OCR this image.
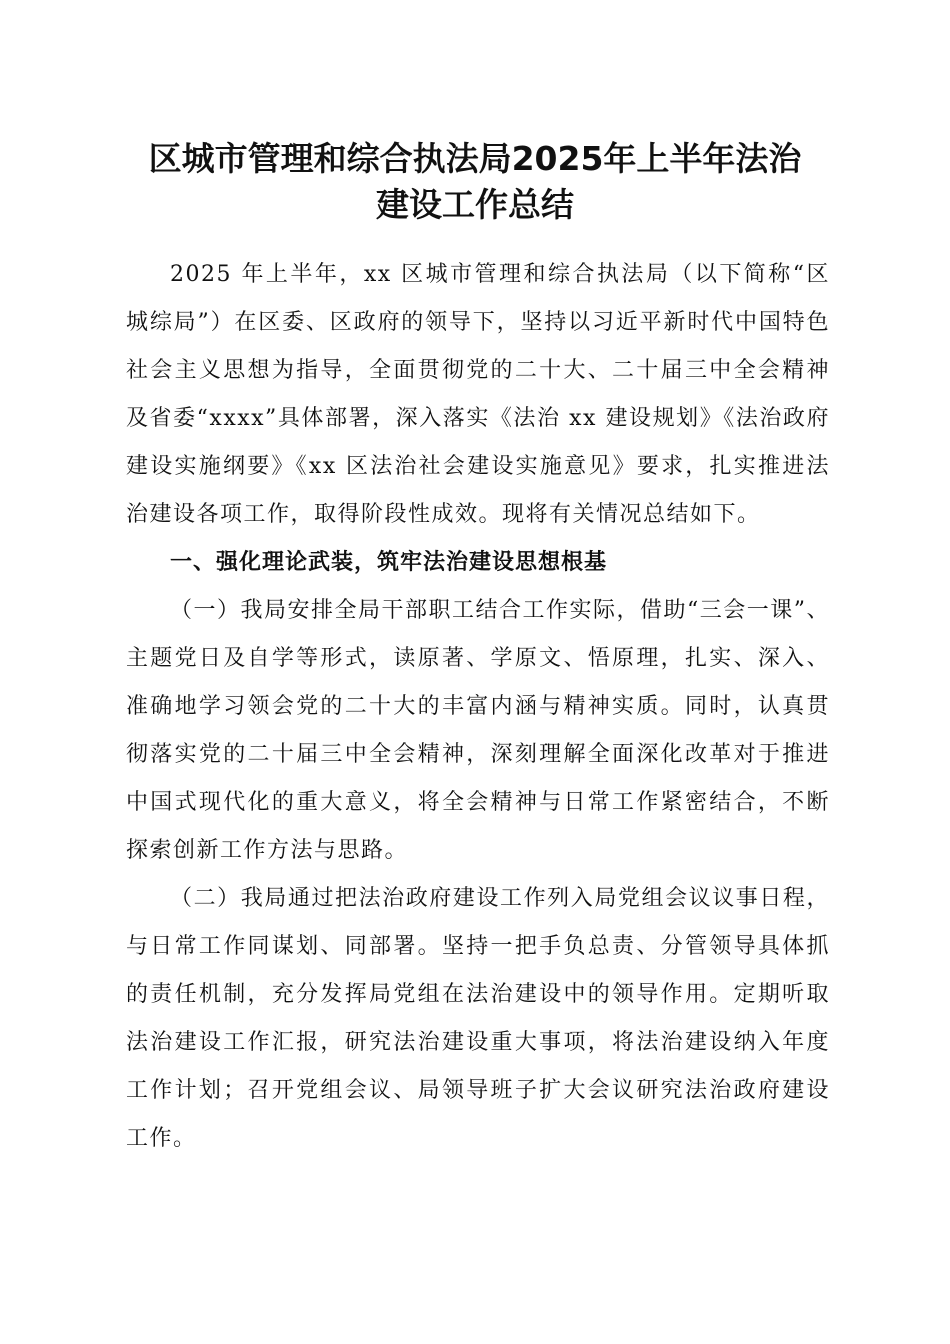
区城市管理和综合执法局2025年上半年法治
建设工作总结

2025 年上半年，xx 区城市管理和综合执法局（以下简称“区城综局”）在区委、区政府的领导下，坚持以习近平新时代中国特色社会主义思想为指导，全面贯彻党的二十大、二十届三中全会精神及省委“xxxx”具体部署，深入落实《法治 xx 建设规划》《法治政府建设实施纲要》《xx 区法治社会建设实施意见》要求，扎实推进法治建设各项工作，取得阶段性成效。现将有关情况总结如下。

一、强化理论武装，筑牢法治建设思想根基

（一）我局安排全局干部职工结合工作实际，借助“三会一课”、主题党日及自学等形式，读原著、学原文、悟原理，扎实、深入、准确地学习领会党的二十大的丰富内涵与精神实质。同时，认真贯彻落实党的二十届三中全会精神，深刻理解全面深化改革对于推进中国式现代化的重大意义，将全会精神与日常工作紧密结合，不断探索创新工作方法与思路。

（二）我局通过把法治政府建设工作列入局党组会议议事日程，与日常工作同谋划、同部署。坚持一把手负总责、分管领导具体抓的责任机制，充分发挥局党组在法治建设中的领导作用。定期听取法治建设工作汇报，研究法治建设重大事项，将法治建设纳入年度工作计划；召开党组会议、局领导班子扩大会议研究法治政府建设工作。
